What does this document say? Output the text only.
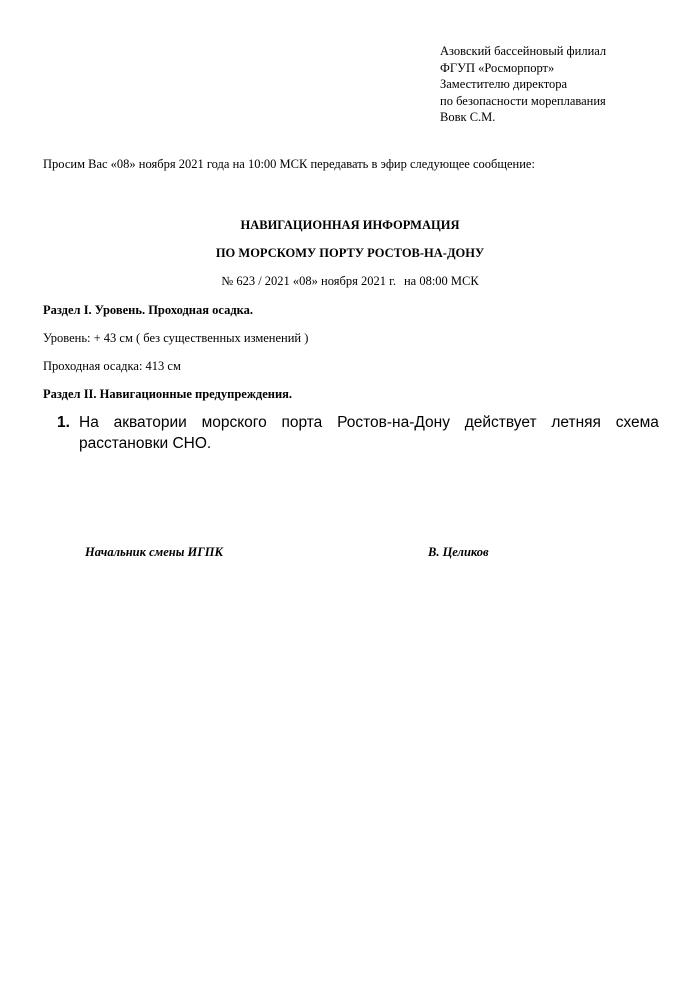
Азовский бассейновый филиал
ФГУП «Росморпорт»
Заместителю директора
по безопасности мореплавания
Вовк С.М.
Просим Вас «08» ноября 2021 года на 10:00 МСК передавать в эфир следующее сообщение:
НАВИГАЦИОННАЯ ИНФОРМАЦИЯ
ПО МОРСКОМУ ПОРТУ РОСТОВ-НА-ДОНУ
№ 623 / 2021 «08» ноября 2021 г. на 08:00 МСК
Раздел I. Уровень. Проходная осадка.
Уровень: + 43 см ( без существенных изменений )
Проходная осадка: 413 см
Раздел II. Навигационные предупреждения.
1. На акватории морского порта Ростов-на-Дону действует летняя схема
расстановки СНО.
Начальник смены ИГПК	В. Целиков
